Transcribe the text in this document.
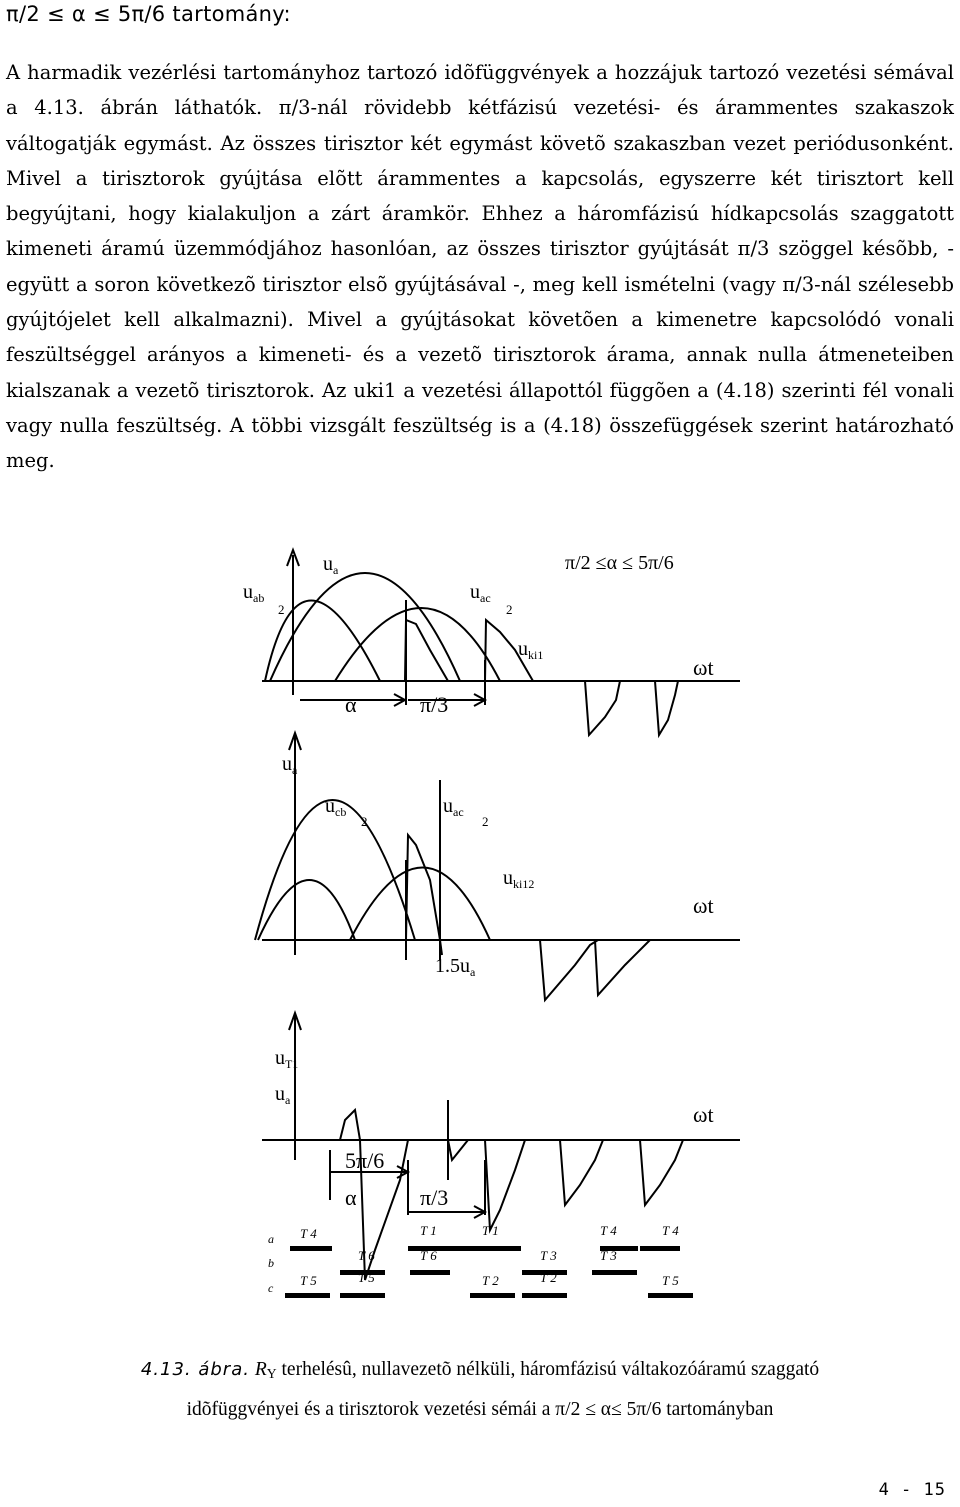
π/2 ≤ α ≤ 5π/6 tartomány:
A harmadik vezérlési tartományhoz tartozó idõfüggvények a hozzájuk tartozó vezetési sémával a 4.13. ábrán láthatók. π/3-nál rövidebb kétfázisú vezetési- és árammentes szakaszok váltogatják egymást. Az összes tirisztor két egymást követõ szakaszban vezet periódusonként. Mivel a tirisztorok gyújtása elõtt árammentes a kapcsolás, egyszerre két tirisztort kell begyújtani, hogy kialakuljon a zárt áramkör. Ehhez a háromfázisú hídkapcsolás szaggatott kimeneti áramú üzemmódjához hasonlóan, az összes tirisztor gyújtását π/3 szöggel késõbb, - együtt a soron következõ tirisztor elsõ gyújtásával -, meg kell ismételni (vagy π/3-nál szélesebb gyújtójelet kell alkalmazni). Mivel a gyújtásokat követõen a kimenetre kapcsolódó vonali feszültséggel arányos a kimeneti- és a vezetõ tirisztorok árama, annak nulla átmeneteiben kialszanak a vezetõ tirisztorok. Az uki1 a vezetési állapottól függõen a (4.18) szerinti fél vonali vagy nulla feszültség. A többi vizsgált feszültség is a (4.18) összefüggések szerint határozható meg.
π/2 ≤α ≤ 5π/6
$u_{ab}$
2
$u_a$
$u_{ac}$
2
$u_{ki1}$	ωt
α	π/3
$u_a$
$u_{cb}$
2
$u_{ac}$
2
$u_{ki12}$
ωt
$1.5u_a$
$u_{T1}$
$u_a$
ωt
5π/6
α	π/3
a
b
c
T 4
T 5
T 6
T 5
T 1
T 6
T 1
T 2
T 3
T 2
T 4
T 3
T 4
T 5
4.13. ábra. $R_Y$ terhelésû, nullavezetõ nélküli, háromfázisú váltakozóáramú szaggató
idõfüggvényei és a tirisztorok vezetési sémái a π/2 ≤ α≤ 5π/6 tartományban
4 - 15
